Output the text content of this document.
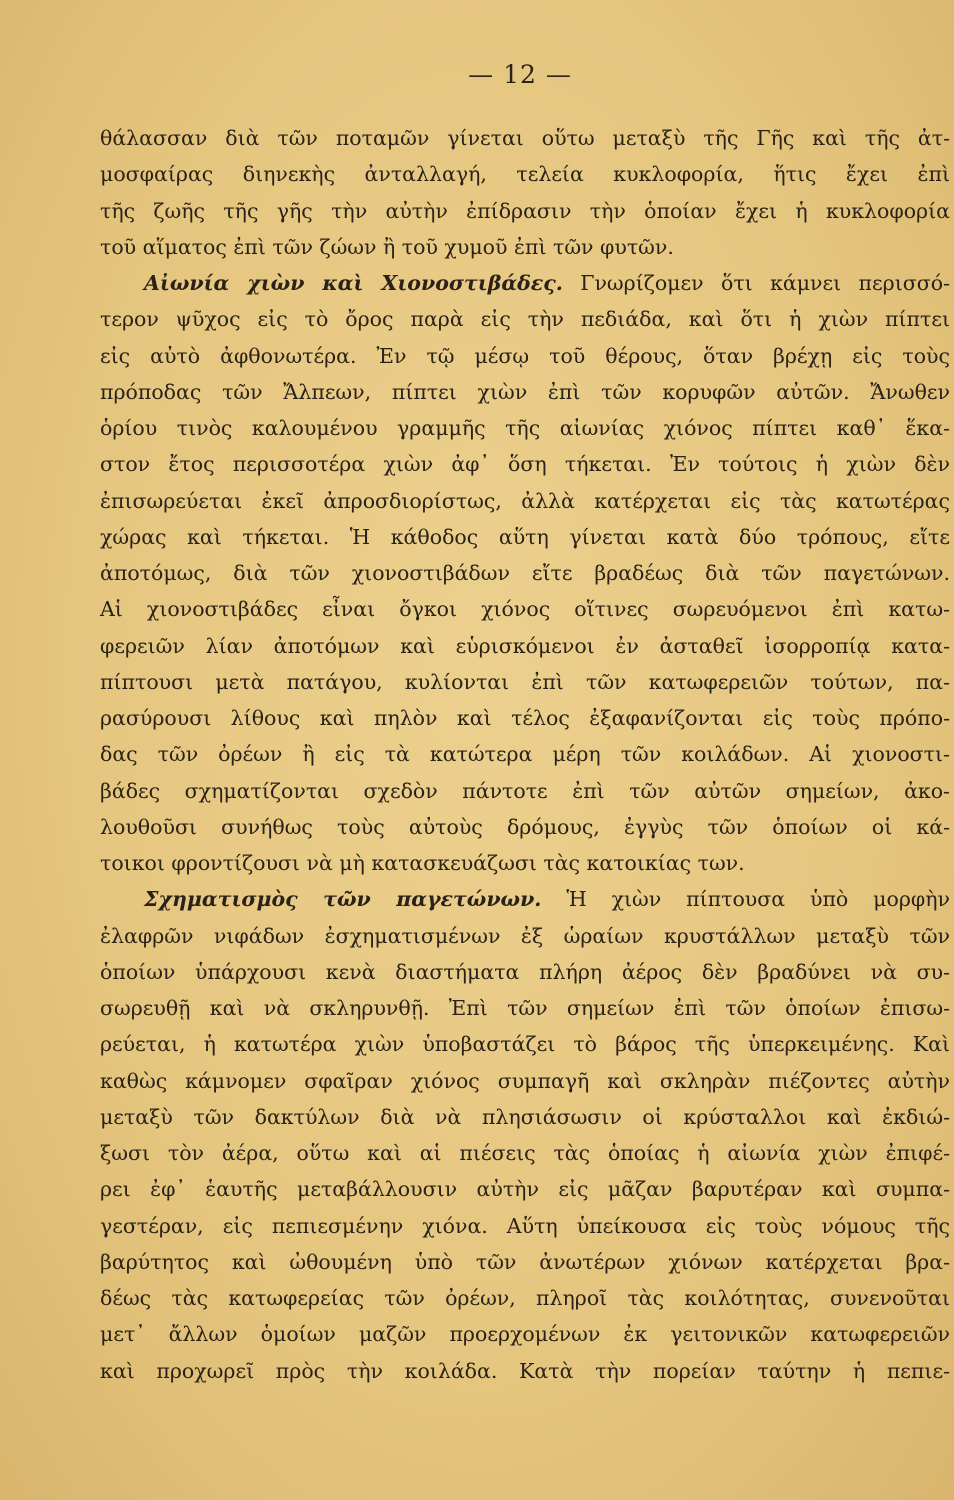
— 12 —
θάλασσαν διὰ τῶν ποταμῶν γίνεται οὕτω μεταξὺ τῆς Γῆς καὶ τῆς ἀτ-
μοσφαίρας διηνεκὴς ἀνταλλαγή, τελεία κυκλοφορία, ἥτις ἔχει ἐπὶ
τῆς ζωῆς τῆς γῆς τὴν αὐτὴν ἐπίδρασιν τὴν ὁποίαν ἔχει ἡ κυκλοφορία
τοῦ αἵματος ἐπὶ τῶν ζώων ἢ τοῦ χυμοῦ ἐπὶ τῶν φυτῶν.
Αἰωνία χιὼν καὶ Χιονοστιβάδες. Γνωρίζομεν ὅτι κάμνει περισσό-
τερον ψῦχος εἰς τὸ ὄρος παρὰ εἰς τὴν πεδιάδα, καὶ ὅτι ἡ χιὼν πίπτει
εἰς αὐτὸ ἀφθονωτέρα. Ἐν τῷ μέσῳ τοῦ θέρους, ὅταν βρέχῃ εἰς τοὺς
πρόποδας τῶν Ἄλπεων, πίπτει χιὼν ἐπὶ τῶν κορυφῶν αὐτῶν. Ἄνωθεν
ὁρίου τινὸς καλουμένου γραμμῆς τῆς αἰωνίας χιόνος πίπτει καθ᾽ ἕκα-
στον ἔτος περισσοτέρα χιὼν ἀφ᾽ ὅση τήκεται. Ἐν τούτοις ἡ χιὼν δὲν
ἐπισωρεύεται ἐκεῖ ἀπροσδιορίστως, ἀλλὰ κατέρχεται εἰς τὰς κατωτέρας
χώρας καὶ τήκεται. Ἡ κάθοδος αὕτη γίνεται κατὰ δύο τρόπους, εἴτε
ἀποτόμως, διὰ τῶν χιονοστιβάδων εἴτε βραδέως διὰ τῶν παγετώνων.
Αἱ χιονοστιβάδες εἶναι ὄγκοι χιόνος οἵτινες σωρευόμενοι ἐπὶ κατω-
φερειῶν λίαν ἀποτόμων καὶ εὑρισκόμενοι ἐν ἀσταθεῖ ἰσορροπίᾳ κατα-
πίπτουσι μετὰ πατάγου, κυλίονται ἐπὶ τῶν κατωφερειῶν τούτων, πα-
ρασύρουσι λίθους καὶ πηλὸν καὶ τέλος ἐξαφανίζονται εἰς τοὺς πρόπο-
δας τῶν ὀρέων ἢ εἰς τὰ κατώτερα μέρη τῶν κοιλάδων. Αἱ χιονοστι-
βάδες σχηματίζονται σχεδὸν πάντοτε ἐπὶ τῶν αὐτῶν σημείων, ἀκο-
λουθοῦσι συνήθως τοὺς αὐτοὺς δρόμους, ἐγγὺς τῶν ὁποίων οἱ κά-
τοικοι φροντίζουσι νὰ μὴ κατασκευάζωσι τὰς κατοικίας των.
Σχηματισμὸς τῶν παγετώνων. Ἡ χιὼν πίπτουσα ὑπὸ μορφὴν
ἐλαφρῶν νιφάδων ἐσχηματισμένων ἐξ ὡραίων κρυστάλλων μεταξὺ τῶν
ὁποίων ὑπάρχουσι κενὰ διαστήματα πλήρη ἀέρος δὲν βραδύνει νὰ συ-
σωρευθῇ καὶ νὰ σκληρυνθῇ. Ἐπὶ τῶν σημείων ἐπὶ τῶν ὁποίων ἐπισω-
ρεύεται, ἡ κατωτέρα χιὼν ὑποβαστάζει τὸ βάρος τῆς ὑπερκειμένης. Καὶ
καθὼς κάμνομεν σφαῖραν χιόνος συμπαγῆ καὶ σκληρὰν πιέζοντες αὐτὴν
μεταξὺ τῶν δακτύλων διὰ νὰ πλησιάσωσιν οἱ κρύσταλλοι καὶ ἐκδιώ-
ξωσι τὸν ἀέρα, οὕτω καὶ αἱ πιέσεις τὰς ὁποίας ἡ αἰωνία χιὼν ἐπιφέ-
ρει ἐφ᾽ ἑαυτῆς μεταβάλλουσιν αὐτὴν εἰς μᾶζαν βαρυτέραν καὶ συμπα-
γεστέραν, εἰς πεπιεσμένην χιόνα. Αὕτη ὑπείκουσα εἰς τοὺς νόμους τῆς
βαρύτητος καὶ ὠθουμένη ὑπὸ τῶν ἀνωτέρων χιόνων κατέρχεται βρα-
δέως τὰς κατωφερείας τῶν ὀρέων, πληροῖ τὰς κοιλότητας, συνενοῦται
μετ᾽ ἄλλων ὁμοίων μαζῶν προερχομένων ἐκ γειτονικῶν κατωφερειῶν
καὶ προχωρεῖ πρὸς τὴν κοιλάδα. Κατὰ τὴν πορείαν ταύτην ἡ πεπιε-
